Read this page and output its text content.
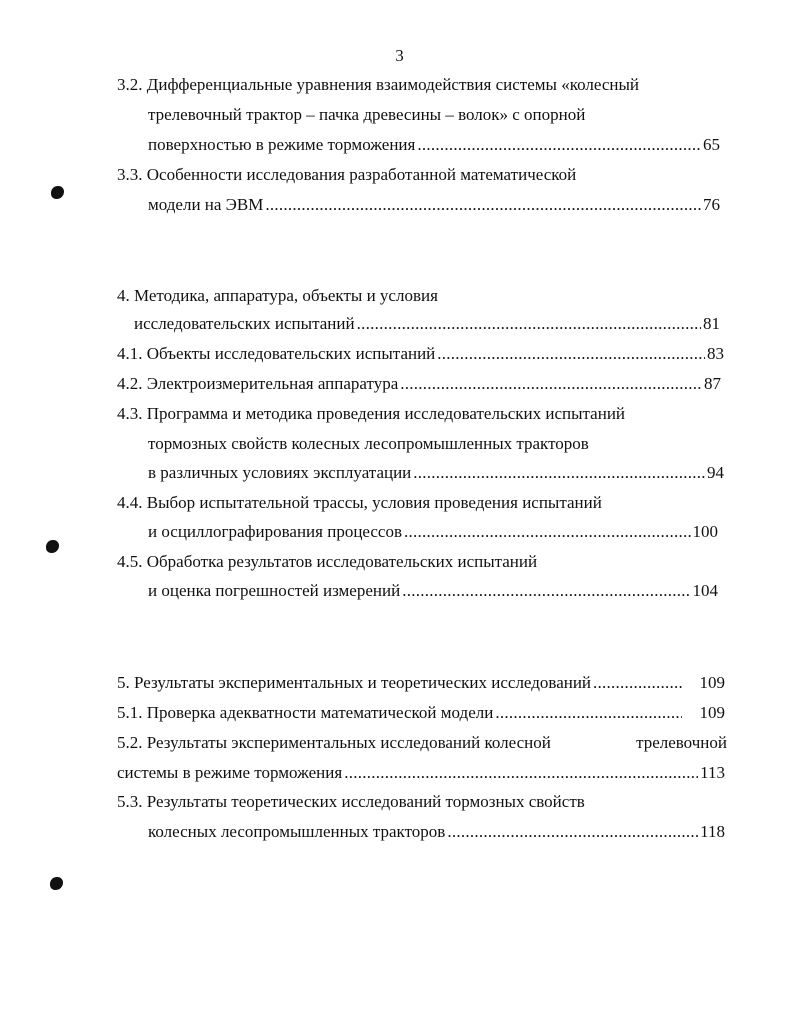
3
3.2. Дифференциальные уравнения взаимодействия системы «колесный
трелевочный трактор – пачка древесины – волок» с опорной
поверхностью в режиме торможения . . .	65
3.3. Особенности исследования разработанной математической
модели на ЭВМ . . .	76
4. Методика, аппаратура, объекты и условия
исследовательских испытаний . . .	81
4.1. Объекты исследовательских испытаний . . .	83
4.2. Электроизмерительная аппаратура . . .	87
4.3. Программа и методика проведения исследовательских испытаний
тормозных свойств колесных лесопромышленных тракторов
в различных условиях эксплуатации . . .	94
4.4. Выбор испытательной трассы, условия проведения испытаний
и осциллографирования процессов . . .	100
4.5. Обработка результатов исследовательских испытаний
и оценка погрешностей измерений . . .	104
5. Результаты экспериментальных и теоретических исследований . . .	109
5.1. Проверка адекватности математической модели . . .	109
5.2. Результаты экспериментальных исследований колесной	трелевочной
системы в режиме торможения . . .	113
5.3. Результаты теоретических исследований тормозных свойств
колесных лесопромышленных тракторов . . .	118
